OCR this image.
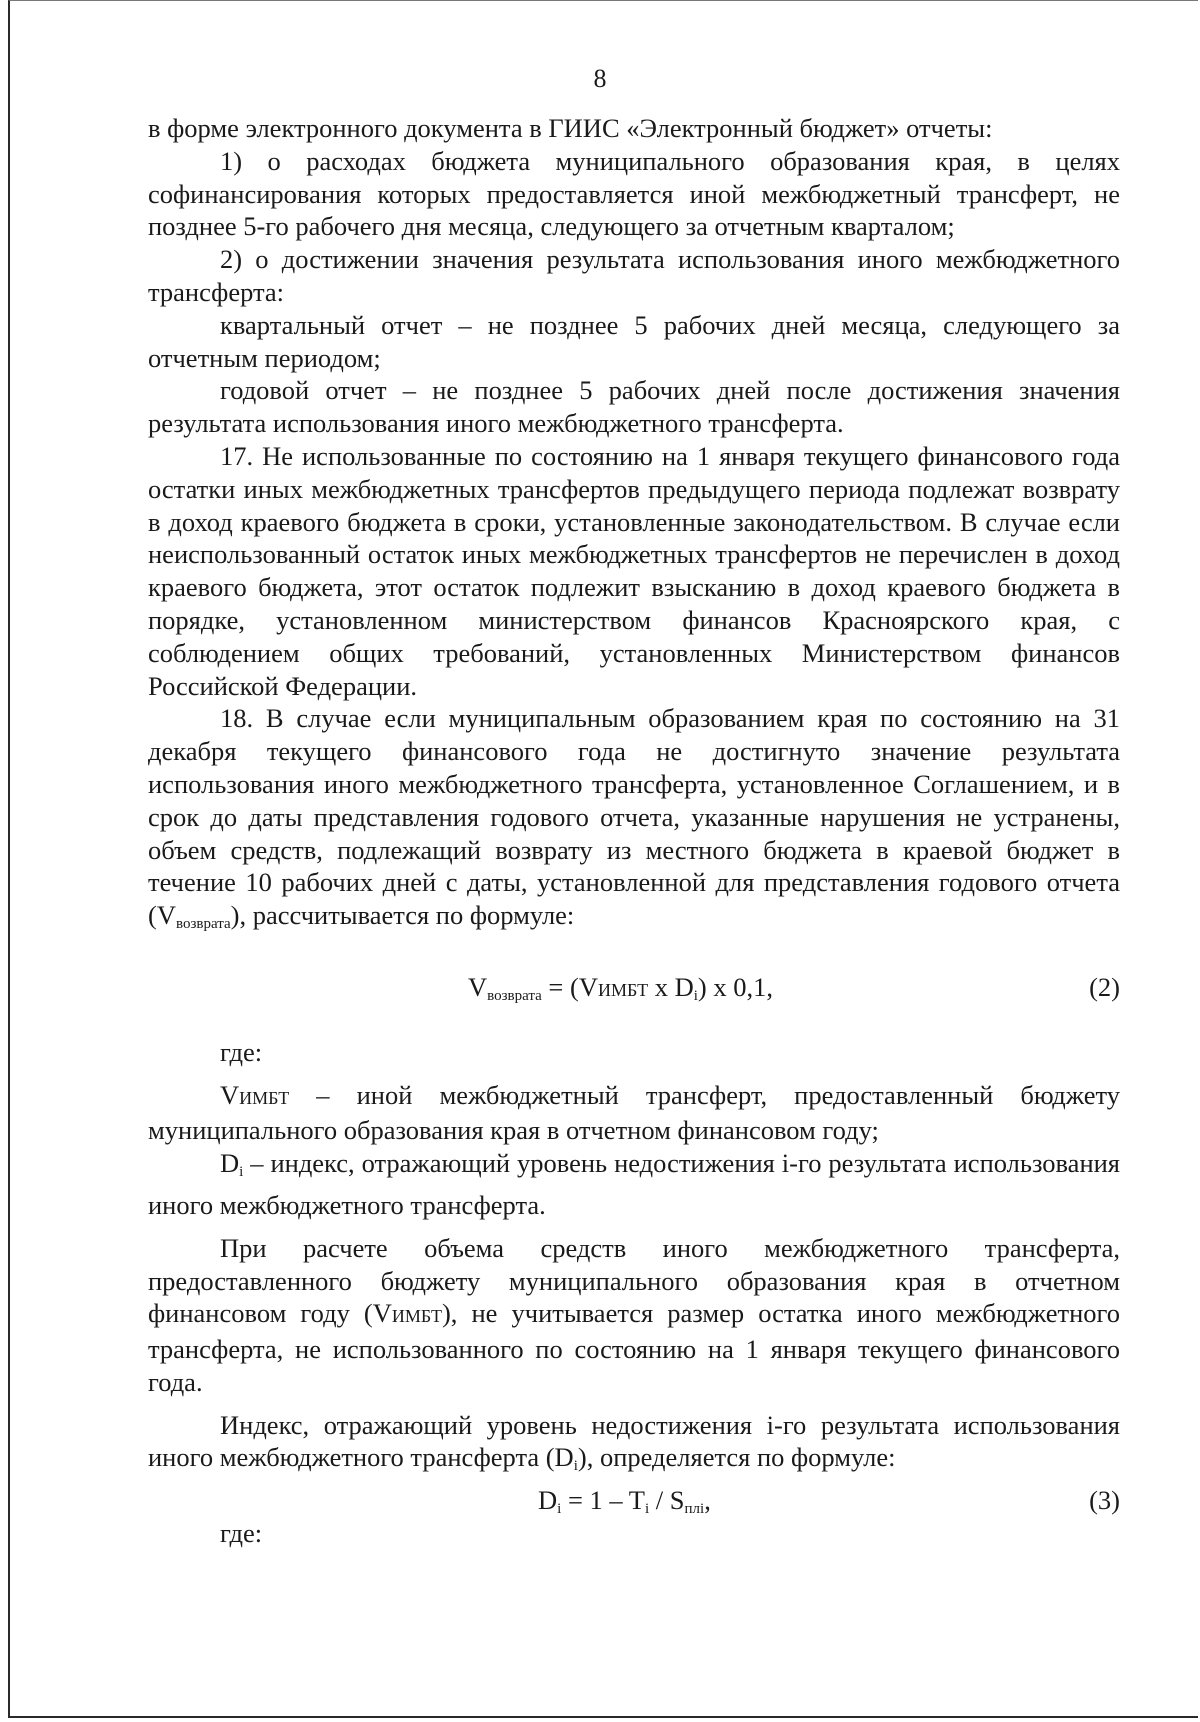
8

в форме электронного документа в ГИИС «Электронный бюджет» отчеты:

1) о расходах бюджета муниципального образования края, в целях софинансирования которых предоставляется иной межбюджетный трансферт, не позднее 5-го рабочего дня месяца, следующего за отчетным кварталом;

2) о достижении значения результата использования иного межбюджетного трансферта:

квартальный отчет – не позднее 5 рабочих дней месяца, следующего за отчетным периодом;

годовой отчет – не позднее 5 рабочих дней после достижения значения результата использования иного межбюджетного трансферта.

17. Не использованные по состоянию на 1 января текущего финансового года остатки иных межбюджетных трансфертов предыдущего периода подлежат возврату в доход краевого бюджета в сроки, установленные законодательством. В случае если неиспользованный остаток иных межбюджетных трансфертов не перечислен в доход краевого бюджета, этот остаток подлежит взысканию в доход краевого бюджета в порядке, установленном министерством финансов Красноярского края, с соблюдением общих требований, установленных Министерством финансов Российской Федерации.

18. В случае если муниципальным образованием края по состоянию на 31 декабря текущего финансового года не достигнуто значение результата использования иного межбюджетного трансферта, установленное Соглашением, и в срок до даты представления годового отчета, указанные нарушения не устранены, объем средств, подлежащий возврату из местного бюджета в краевой бюджет в течение 10 рабочих дней с даты, установленной для представления годового отчета $(V_{возврата})$, рассчитывается по формуле:

$V_{возврата}$ = (VИМБТ x $D_i$) x 0,1,	(2)

где:

VИМБТ – иной межбюджетный трансферт, предоставленный бюджету муниципального образования края в отчетном финансовом году;

$D_i$ – индекс, отражающий уровень недостижения i-го результата использования иного межбюджетного трансферта.

При расчете объема средств иного межбюджетного трансферта, предоставленного бюджету муниципального образования края в отчетном финансовом году (VИМБТ), не учитывается размер остатка иного межбюджетного трансферта, не использованного по состоянию на 1 января текущего финансового года.

Индекс, отражающий уровень недостижения i-го результата использования иного межбюджетного трансферта $(D_i)$, определяется по формуле:

$D_i = 1 - T_i / S_{плi}$,	(3)

где:
